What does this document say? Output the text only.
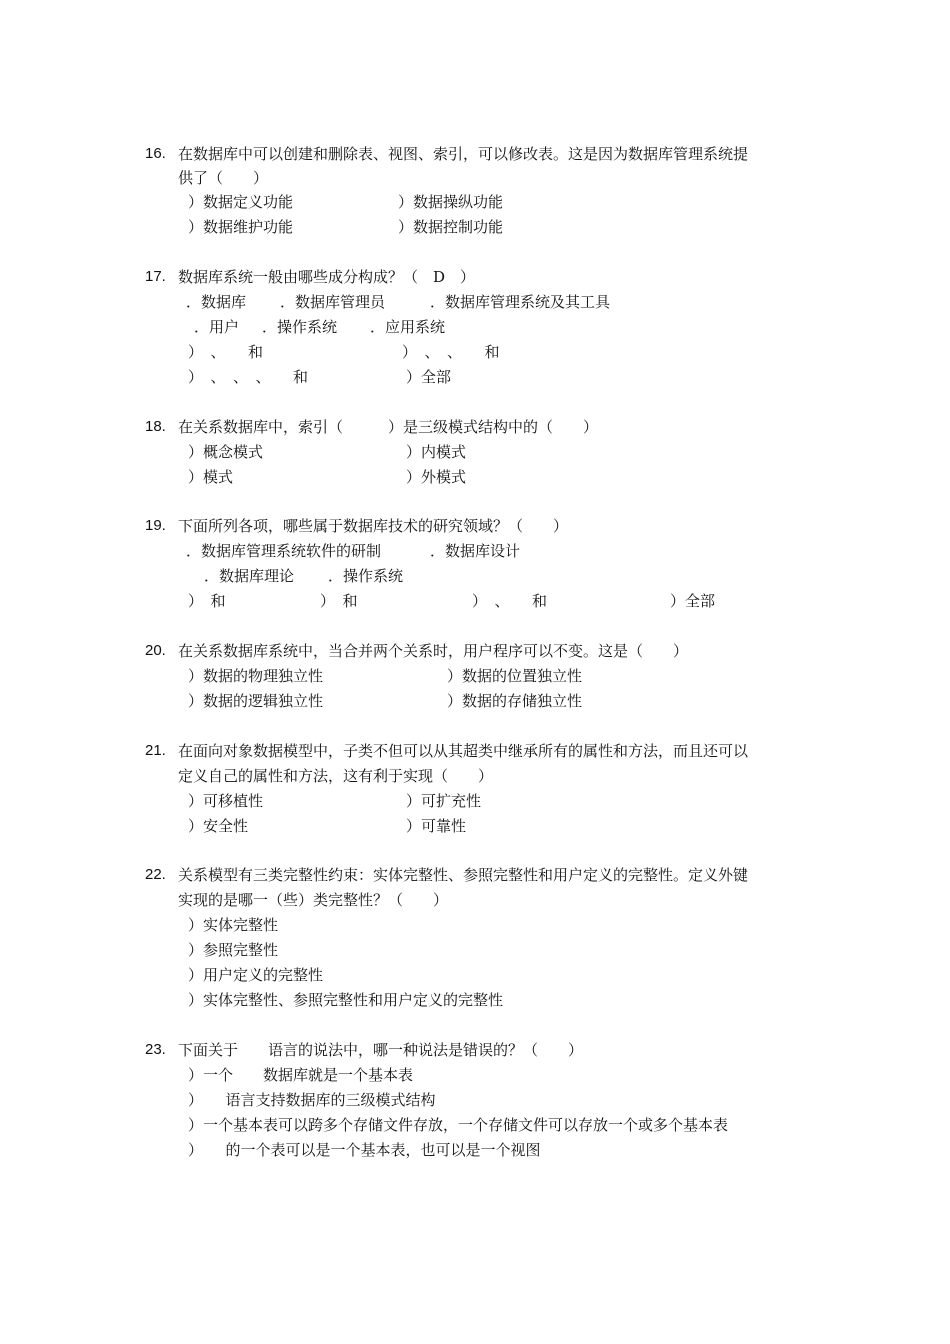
16. 在数据库中可以创建和删除表、视图、索引，可以修改表。这是因为数据库管理系统提
供了（　　）
）数据定义功能	）数据操纵功能
）数据维护功能	）数据控制功能
17. 数据库系统一般由哪些成分构成？（　D　）
．数据库 ．数据库管理员	．数据库管理系统及其工具
．用户 ．操作系统 ．应用系统
）　、　　和	）　、　、　　和
）　、　、　、　　和	）全部
18. 在关系数据库中，索引（　　　）是三级模式结构中的（　　）
）概念模式	）内模式
）模式	）外模式
19. 下面所列各项，哪些属于数据库技术的研究领域？（　　）
．数据库管理系统软件的研制	．数据库设计
．数据库理论 ．操作系统
）　和	）　和	）　、　　和	）全部
20. 在关系数据库系统中，当合并两个关系时，用户程序可以不变。这是（　　）
）数据的物理独立性	）数据的位置独立性
）数据的逻辑独立性	）数据的存储独立性
21. 在面向对象数据模型中，子类不但可以从其超类中继承所有的属性和方法，而且还可以
定义自己的属性和方法，这有利于实现（　　）
）可移植性	）可扩充性
）安全性	）可靠性
22. 关系模型有三类完整性约束：实体完整性、参照完整性和用户定义的完整性。定义外键
实现的是哪一（些）类完整性？（　　）
）实体完整性
）参照完整性
）用户定义的完整性
）实体完整性、参照完整性和用户定义的完整性
23. 下面关于　　语言的说法中，哪一种说法是错误的？（　　）
）一个　　数据库就是一个基本表
）　　语言支持数据库的三级模式结构
）一个基本表可以跨多个存储文件存放，一个存储文件可以存放一个或多个基本表
）　　的一个表可以是一个基本表，也可以是一个视图
